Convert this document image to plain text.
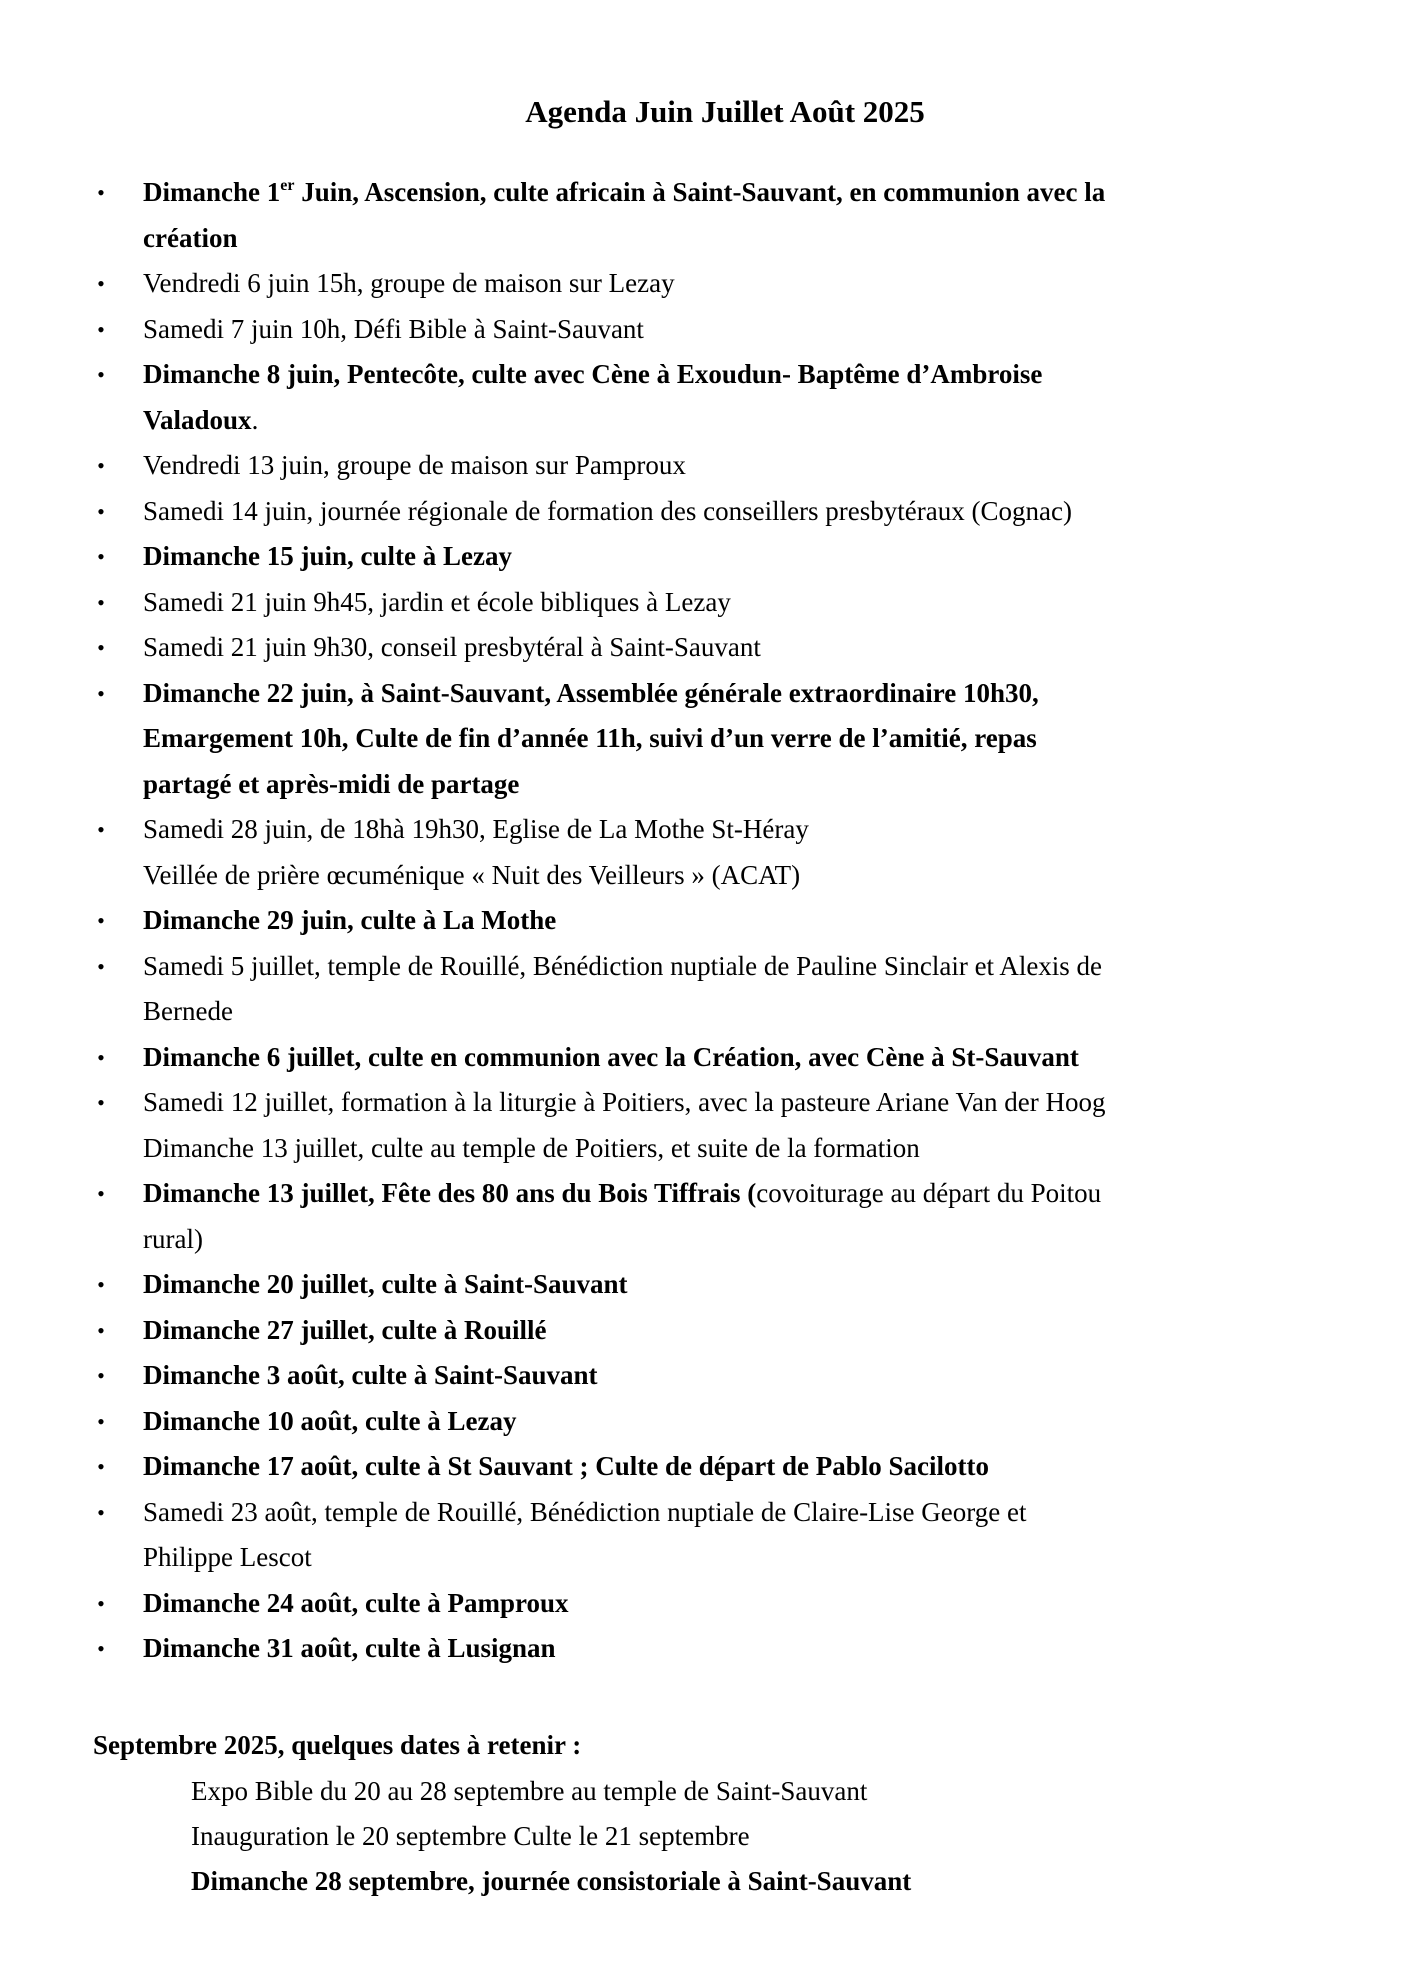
Agenda Juin Juillet Août 2025
• Dimanche 1er Juin, Ascension, culte africain à Saint-Sauvant, en communion avec la
création
• Vendredi 6 juin 15h, groupe de maison sur Lezay
• Samedi 7 juin 10h, Défi Bible à Saint-Sauvant
• Dimanche 8 juin, Pentecôte, culte avec Cène à Exoudun- Baptême d’Ambroise
Valadoux.
• Vendredi 13 juin, groupe de maison sur Pamproux
• Samedi 14 juin, journée régionale de formation des conseillers presbytéraux (Cognac)
• Dimanche 15 juin, culte à Lezay
• Samedi 21 juin 9h45, jardin et école bibliques à Lezay
• Samedi 21 juin 9h30, conseil presbytéral à Saint-Sauvant
• Dimanche 22 juin, à Saint-Sauvant, Assemblée générale extraordinaire 10h30,
Emargement 10h, Culte de fin d’année 11h, suivi d’un verre de l’amitié, repas
partagé et après-midi de partage
• Samedi 28 juin, de 18hà 19h30, Eglise de La Mothe St-Héray
Veillée de prière œcuménique « Nuit des Veilleurs » (ACAT)
• Dimanche 29 juin, culte à La Mothe
• Samedi 5 juillet, temple de Rouillé, Bénédiction nuptiale de Pauline Sinclair et Alexis de
Bernede
• Dimanche 6 juillet, culte en communion avec la Création, avec Cène à St-Sauvant
• Samedi 12 juillet, formation à la liturgie à Poitiers, avec la pasteure Ariane Van der Hoog
Dimanche 13 juillet, culte au temple de Poitiers, et suite de la formation
• Dimanche 13 juillet, Fête des 80 ans du Bois Tiffrais (covoiturage au départ du Poitou
rural)
• Dimanche 20 juillet, culte à Saint-Sauvant
• Dimanche 27 juillet, culte à Rouillé
• Dimanche 3 août, culte à Saint-Sauvant
• Dimanche 10 août, culte à Lezay
• Dimanche 17 août, culte à St Sauvant ; Culte de départ de Pablo Sacilotto
• Samedi 23 août, temple de Rouillé, Bénédiction nuptiale de Claire-Lise George et
Philippe Lescot
• Dimanche 24 août, culte à Pamproux
• Dimanche 31 août, culte à Lusignan

Septembre 2025, quelques dates à retenir :

Expo Bible du 20 au 28 septembre au temple de Saint-Sauvant
Inauguration le 20 septembre Culte le 21 septembre
Dimanche 28 septembre, journée consistoriale à Saint-Sauvant
